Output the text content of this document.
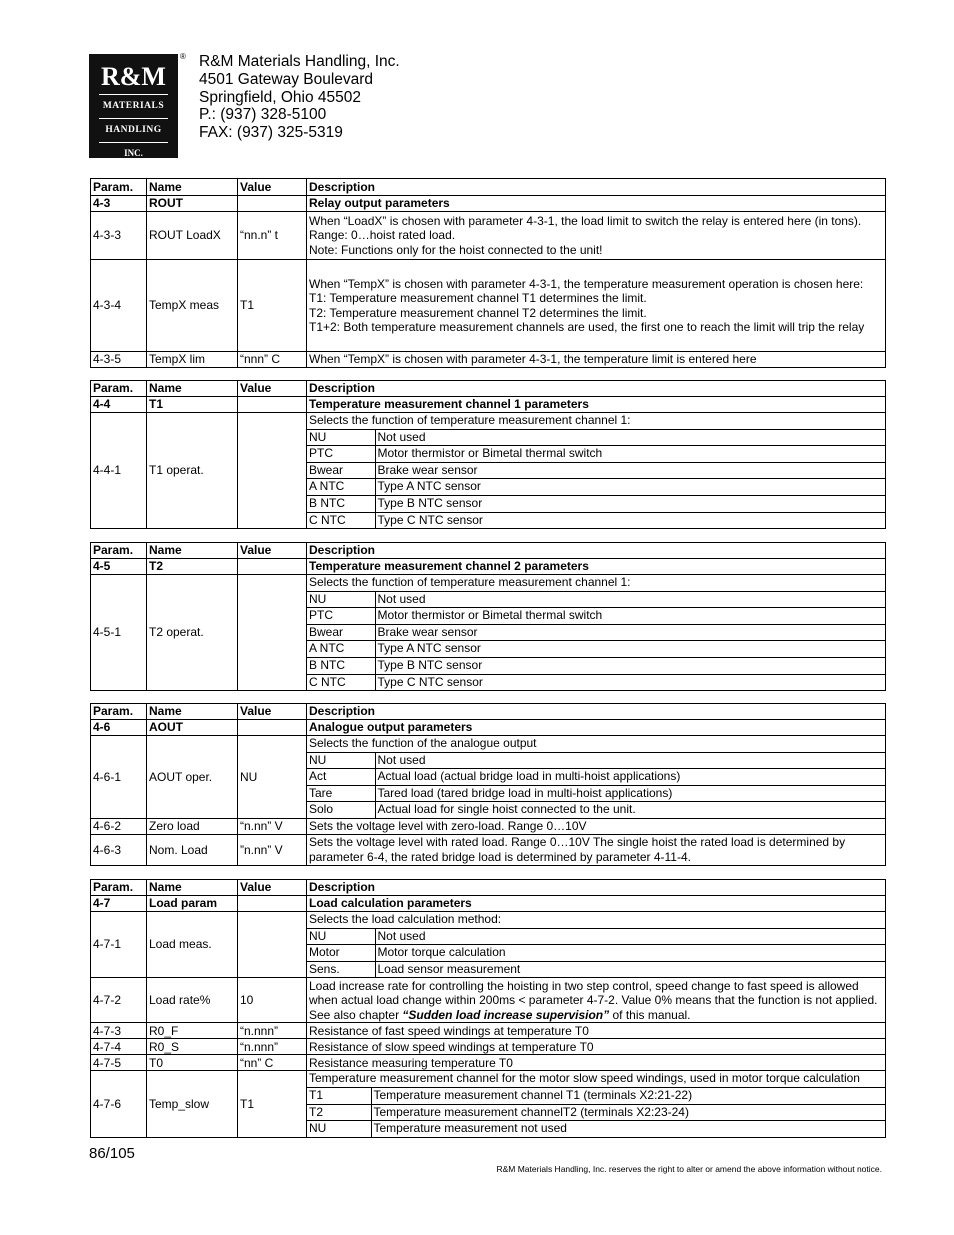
R&M
MATERIALS
HANDLING
INC.
® R&M Materials Handling, Inc.
4501 Gateway Boulevard
Springfield, Ohio 45502
P.: (937) 328-5100
FAX: (937) 325-5319
Param.	Name	Value	Description
4-3	ROUT		Relay output parameters
4-3-3	ROUT LoadX	“nn.n” t	When “LoadX” is chosen with parameter 4-3-1, the load limit to switch the relay is entered here (in tons).
Range: 0…hoist rated load.
Note: Functions only for the hoist connected to the unit!

4-3-4	TempX meas	T1	When “TempX” is chosen with parameter 4-3-1, the temperature measurement operation is chosen here:
T1: Temperature measurement channel T1 determines the limit.
T2: Temperature measurement channel T2 determines the limit.
T1+2: Both temperature measurement channels are used, the first one to reach the limit will trip the relay

4-3-5	TempX lim	“nnn” C	When “TempX” is chosen with parameter 4-3-1, the temperature limit is entered here
Param.	Name	Value	Description
4-4	T1		Temperature measurement channel 1 parameters
4-4-1	T1 operat.		
Selects the function of temperature measurement channel 1:
NU	Not used
PTC	Motor thermistor or Bimetal thermal switch
Bwear	Brake wear sensor
A NTC	Type A NTC sensor
B NTC	Type B NTC sensor
C NTC	Type C NTC sensor
Param.	Name	Value	Description
4-5	T2		Temperature measurement channel 2 parameters
4-5-1	T2 operat.		
Selects the function of temperature measurement channel 1:
NU	Not used
PTC	Motor thermistor or Bimetal thermal switch
Bwear	Brake wear sensor
A NTC	Type A NTC sensor
B NTC	Type B NTC sensor
C NTC	Type C NTC sensor
Param.	Name	Value	Description
4-6	AOUT		Analogue output parameters
4-6-1	AOUT oper.	NU	
Selects the function of the analogue output
NU	Not used
Act	Actual load (actual bridge load in multi-hoist applications)
Tare	Tared load (tared bridge load in multi-hoist applications)
Solo	Actual load for single hoist connected to the unit.

4-6-2	Zero load	“n.nn” V	Sets the voltage level with zero-load. Range 0…10V
4-6-3	Nom. Load	”n.nn” V	Sets the voltage level with rated load. Range 0…10V The single hoist the rated load is determined by parameter 6-4, the rated bridge load is determined by parameter 4-11-4.
Param.	Name	Value	Description
4-7	Load param		Load calculation parameters
4-7-1	Load meas.		
Selects the load calculation method:
NU	Not used
Motor	Motor torque calculation
Sens.	Load sensor measurement

4-7-2	Load rate%	10	Load increase rate for controlling the hoisting in two step control, speed change to fast speed is allowed when actual load change within 200ms < parameter 4-7-2. Value 0% means that the function is not applied. See also chapter “Sudden load increase supervision” of this manual.
4-7-3	R0_F	“n.nnn”	Resistance of fast speed windings at temperature T0
4-7-4	R0_S	“n.nnn”	Resistance of slow speed windings at temperature T0
4-7-5	T0	“nn” C	Resistance measuring temperature T0
4-7-6	Temp_slow	T1	
Temperature measurement channel for the motor slow speed windings, used in motor torque calculation
T1	Temperature measurement channel T1 (terminals X2:21-22)
T2	Temperature measurement channelT2 (terminals X2:23-24)
NU	Temperature measurement not used
86/105
R&M Materials Handling, Inc. reserves the right to alter or amend the above information without notice.
